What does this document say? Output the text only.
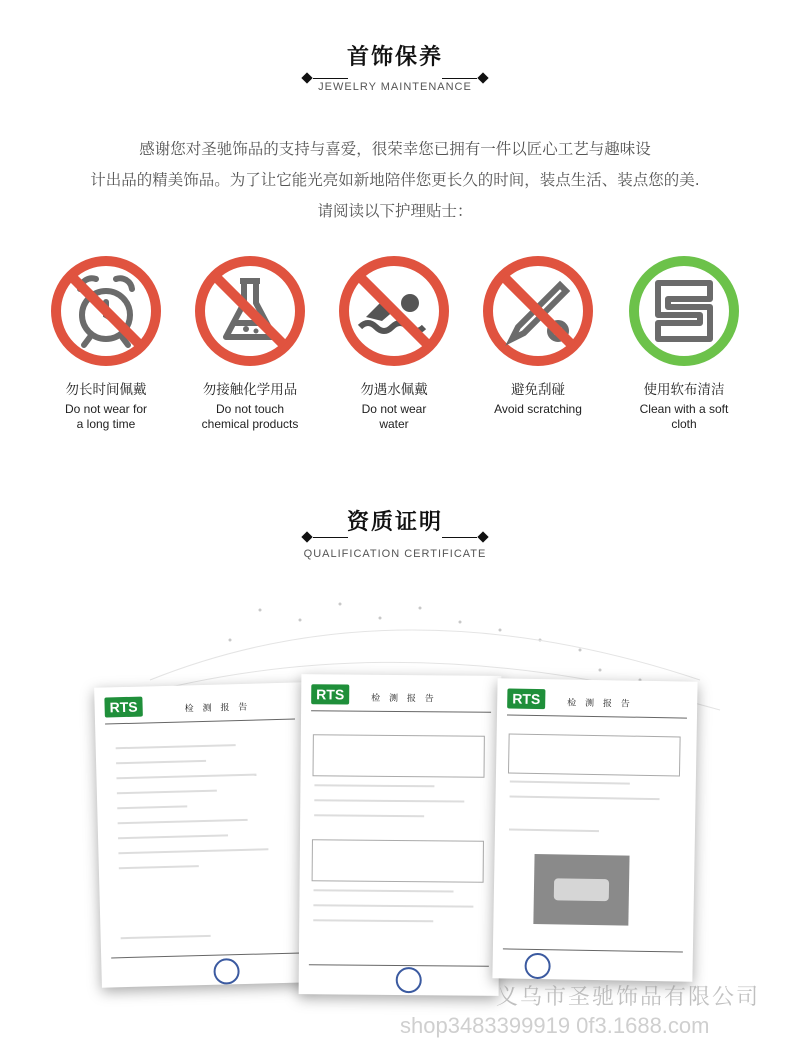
首饰保养
JEWELRY MAINTENANCE

感谢您对圣驰饰品的支持与喜爱，很荣幸您已拥有一件以匠心工艺与趣味设

计出品的精美饰品。为了让它能光亮如新地陪伴您更长久的时间，装点生活、装点您的美.

请阅读以下护理贴士：

勿长时间佩戴
Do not wear for
a long time
勿接触化学用品
Do not touch
chemical products
勿遇水佩戴
Do not wear
water
避免刮碰
Avoid scratching
使用软布清洁
Clean with a soft
cloth
资质证明
QUALIFICATION CERTIFICATE
RTS	检 测 报 告
RTS	检 测 报 告	RTS	检 测 报 告
义乌市圣驰饰品有限公司
shop3483399919 0f3.1688.com
